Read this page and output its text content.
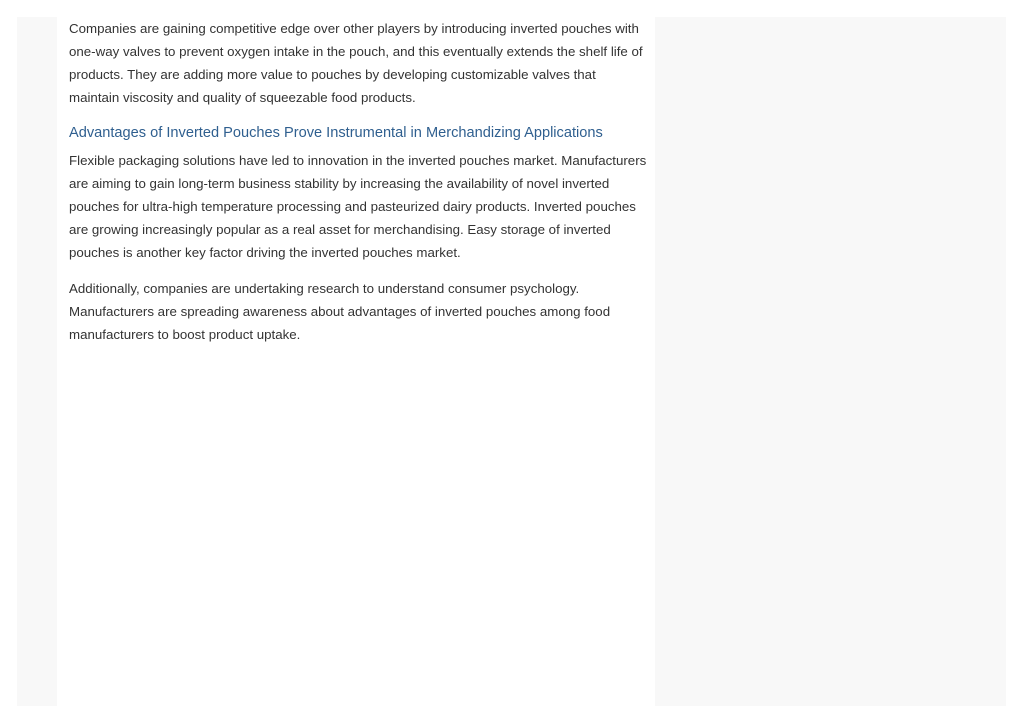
Companies are gaining competitive edge over other players by introducing inverted pouches with one-way valves to prevent oxygen intake in the pouch, and this eventually extends the shelf life of products. They are adding more value to pouches by developing customizable valves that maintain viscosity and quality of squeezable food products.

Advantages of Inverted Pouches Prove Instrumental in Merchandizing Applications

Flexible packaging solutions have led to innovation in the inverted pouches market. Manufacturers are aiming to gain long-term business stability by increasing the availability of novel inverted pouches for ultra-high temperature processing and pasteurized dairy products. Inverted pouches are growing increasingly popular as a real asset for merchandising. Easy storage of inverted pouches is another key factor driving the inverted pouches market.

Additionally, companies are undertaking research to understand consumer psychology. Manufacturers are spreading awareness about advantages of inverted pouches among food manufacturers to boost product uptake.
